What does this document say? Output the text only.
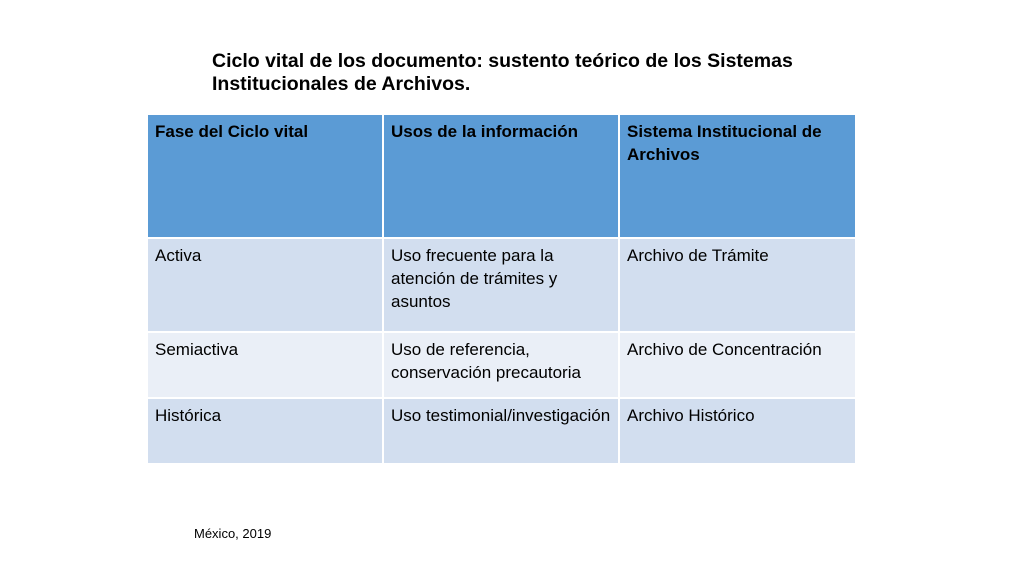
Ciclo vital de los documento: sustento teórico de los Sistemas Institucionales de Archivos.
Fase del Ciclo vital	Usos de la información	Sistema Institucional de Archivos
Activa	Uso frecuente para la atención de trámites y asuntos	Archivo de Trámite
Semiactiva	Uso de referencia, conservación precautoria	Archivo de Concentración
Histórica	Uso testimonial/investigación	Archivo Histórico
México, 2019
